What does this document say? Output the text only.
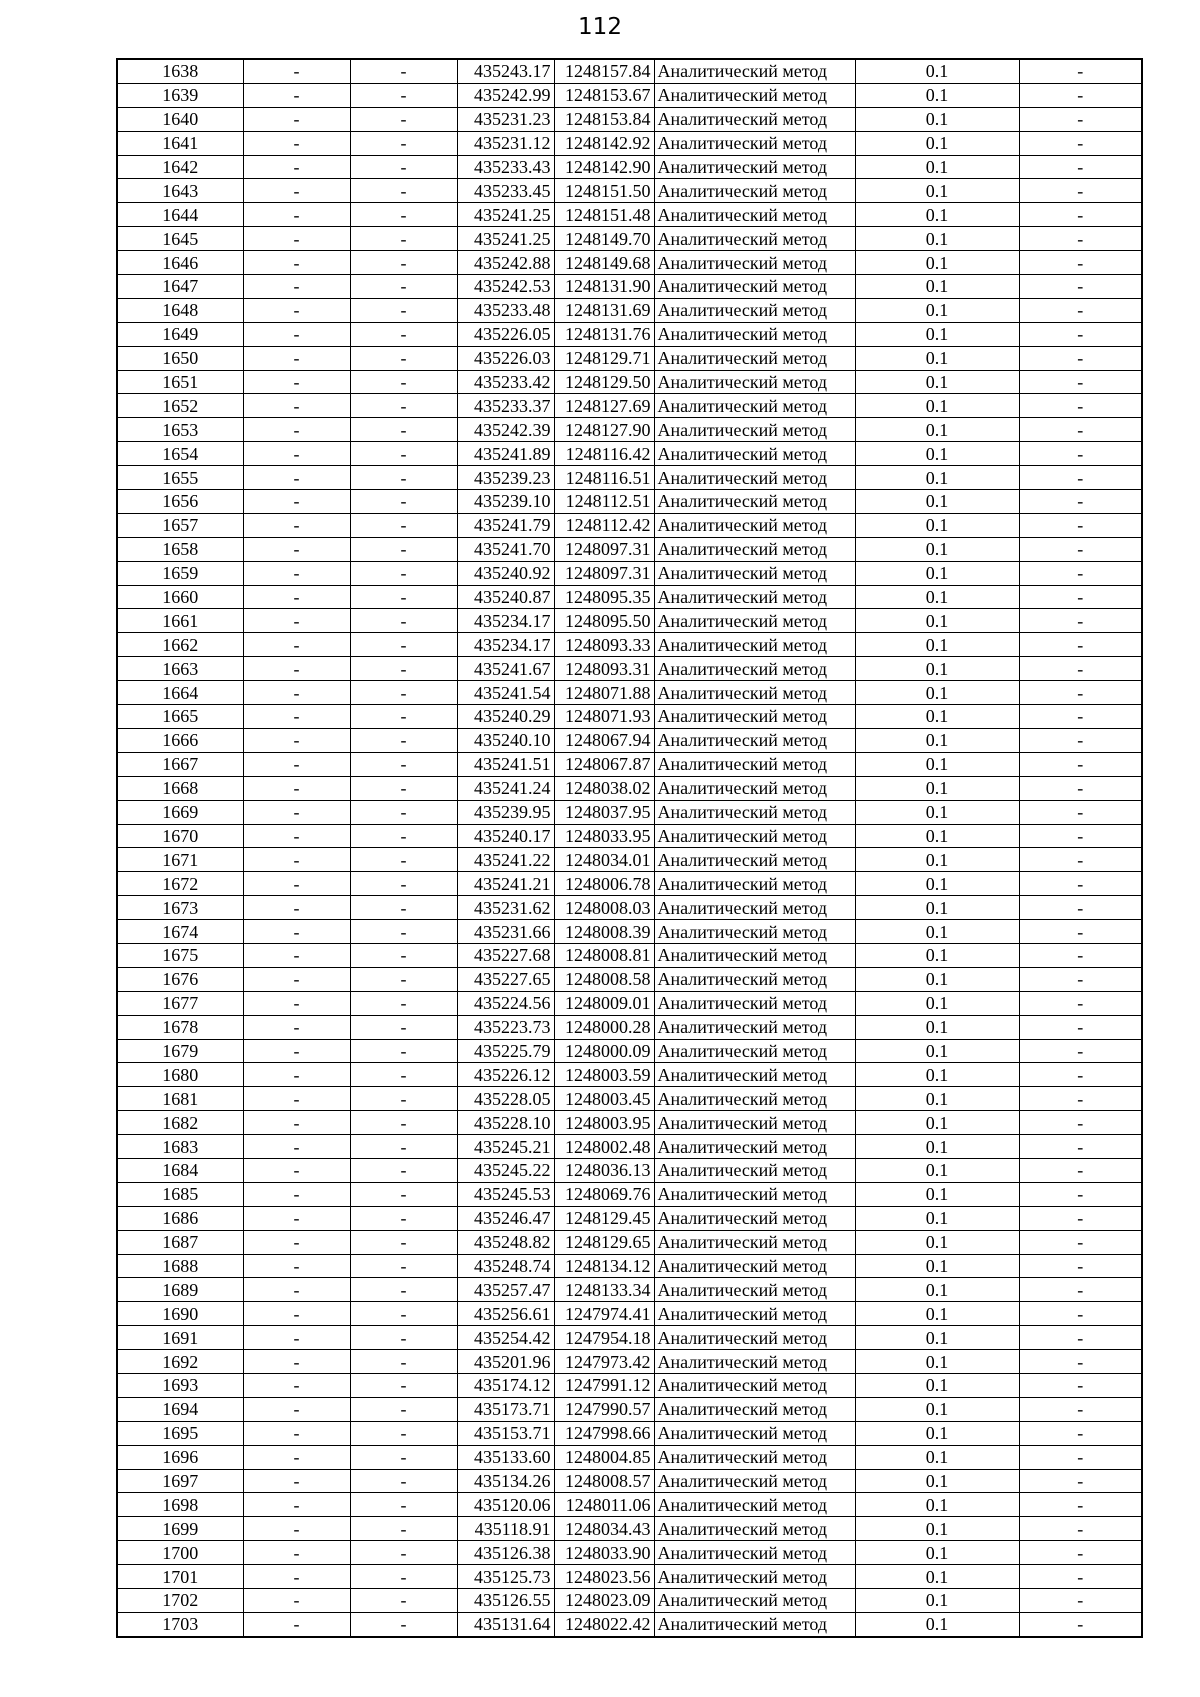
112
1638	-	-	435243.17	1248157.84	Аналитический метод	0.1	-
1639	-	-	435242.99	1248153.67	Аналитический метод	0.1	-
1640	-	-	435231.23	1248153.84	Аналитический метод	0.1	-
1641	-	-	435231.12	1248142.92	Аналитический метод	0.1	-
1642	-	-	435233.43	1248142.90	Аналитический метод	0.1	-
1643	-	-	435233.45	1248151.50	Аналитический метод	0.1	-
1644	-	-	435241.25	1248151.48	Аналитический метод	0.1	-
1645	-	-	435241.25	1248149.70	Аналитический метод	0.1	-
1646	-	-	435242.88	1248149.68	Аналитический метод	0.1	-
1647	-	-	435242.53	1248131.90	Аналитический метод	0.1	-
1648	-	-	435233.48	1248131.69	Аналитический метод	0.1	-
1649	-	-	435226.05	1248131.76	Аналитический метод	0.1	-
1650	-	-	435226.03	1248129.71	Аналитический метод	0.1	-
1651	-	-	435233.42	1248129.50	Аналитический метод	0.1	-
1652	-	-	435233.37	1248127.69	Аналитический метод	0.1	-
1653	-	-	435242.39	1248127.90	Аналитический метод	0.1	-
1654	-	-	435241.89	1248116.42	Аналитический метод	0.1	-
1655	-	-	435239.23	1248116.51	Аналитический метод	0.1	-
1656	-	-	435239.10	1248112.51	Аналитический метод	0.1	-
1657	-	-	435241.79	1248112.42	Аналитический метод	0.1	-
1658	-	-	435241.70	1248097.31	Аналитический метод	0.1	-
1659	-	-	435240.92	1248097.31	Аналитический метод	0.1	-
1660	-	-	435240.87	1248095.35	Аналитический метод	0.1	-
1661	-	-	435234.17	1248095.50	Аналитический метод	0.1	-
1662	-	-	435234.17	1248093.33	Аналитический метод	0.1	-
1663	-	-	435241.67	1248093.31	Аналитический метод	0.1	-
1664	-	-	435241.54	1248071.88	Аналитический метод	0.1	-
1665	-	-	435240.29	1248071.93	Аналитический метод	0.1	-
1666	-	-	435240.10	1248067.94	Аналитический метод	0.1	-
1667	-	-	435241.51	1248067.87	Аналитический метод	0.1	-
1668	-	-	435241.24	1248038.02	Аналитический метод	0.1	-
1669	-	-	435239.95	1248037.95	Аналитический метод	0.1	-
1670	-	-	435240.17	1248033.95	Аналитический метод	0.1	-
1671	-	-	435241.22	1248034.01	Аналитический метод	0.1	-
1672	-	-	435241.21	1248006.78	Аналитический метод	0.1	-
1673	-	-	435231.62	1248008.03	Аналитический метод	0.1	-
1674	-	-	435231.66	1248008.39	Аналитический метод	0.1	-
1675	-	-	435227.68	1248008.81	Аналитический метод	0.1	-
1676	-	-	435227.65	1248008.58	Аналитический метод	0.1	-
1677	-	-	435224.56	1248009.01	Аналитический метод	0.1	-
1678	-	-	435223.73	1248000.28	Аналитический метод	0.1	-
1679	-	-	435225.79	1248000.09	Аналитический метод	0.1	-
1680	-	-	435226.12	1248003.59	Аналитический метод	0.1	-
1681	-	-	435228.05	1248003.45	Аналитический метод	0.1	-
1682	-	-	435228.10	1248003.95	Аналитический метод	0.1	-
1683	-	-	435245.21	1248002.48	Аналитический метод	0.1	-
1684	-	-	435245.22	1248036.13	Аналитический метод	0.1	-
1685	-	-	435245.53	1248069.76	Аналитический метод	0.1	-
1686	-	-	435246.47	1248129.45	Аналитический метод	0.1	-
1687	-	-	435248.82	1248129.65	Аналитический метод	0.1	-
1688	-	-	435248.74	1248134.12	Аналитический метод	0.1	-
1689	-	-	435257.47	1248133.34	Аналитический метод	0.1	-
1690	-	-	435256.61	1247974.41	Аналитический метод	0.1	-
1691	-	-	435254.42	1247954.18	Аналитический метод	0.1	-
1692	-	-	435201.96	1247973.42	Аналитический метод	0.1	-
1693	-	-	435174.12	1247991.12	Аналитический метод	0.1	-
1694	-	-	435173.71	1247990.57	Аналитический метод	0.1	-
1695	-	-	435153.71	1247998.66	Аналитический метод	0.1	-
1696	-	-	435133.60	1248004.85	Аналитический метод	0.1	-
1697	-	-	435134.26	1248008.57	Аналитический метод	0.1	-
1698	-	-	435120.06	1248011.06	Аналитический метод	0.1	-
1699	-	-	435118.91	1248034.43	Аналитический метод	0.1	-
1700	-	-	435126.38	1248033.90	Аналитический метод	0.1	-
1701	-	-	435125.73	1248023.56	Аналитический метод	0.1	-
1702	-	-	435126.55	1248023.09	Аналитический метод	0.1	-
1703	-	-	435131.64	1248022.42	Аналитический метод	0.1	-
